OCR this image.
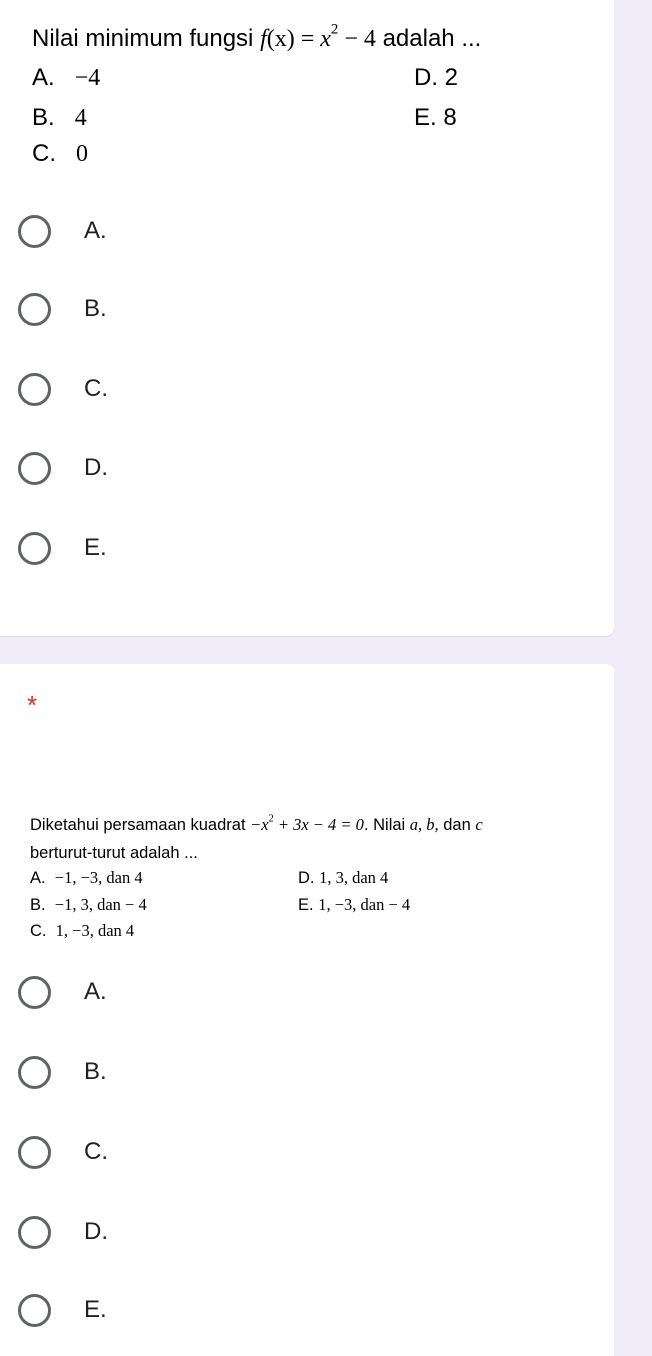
Nilai minimum fungsi $f(x) = x^2 - 4$ adalah ...
A. −4
B. 4
C. 0
D. 2
E. 8
A.
B.
C.
D.
E.
*
Diketahui persamaan kuadrat $-x^2 + 3x - 4 = 0$. Nilai a, b, dan c
berturut-turut adalah ...
A. −1, −3, dan 4
B. −1, 3, dan − 4
C. 1, −3, dan 4
D. 1, 3, dan 4
E. 1, −3, dan − 4
A.
B.
C.
D.
E.
